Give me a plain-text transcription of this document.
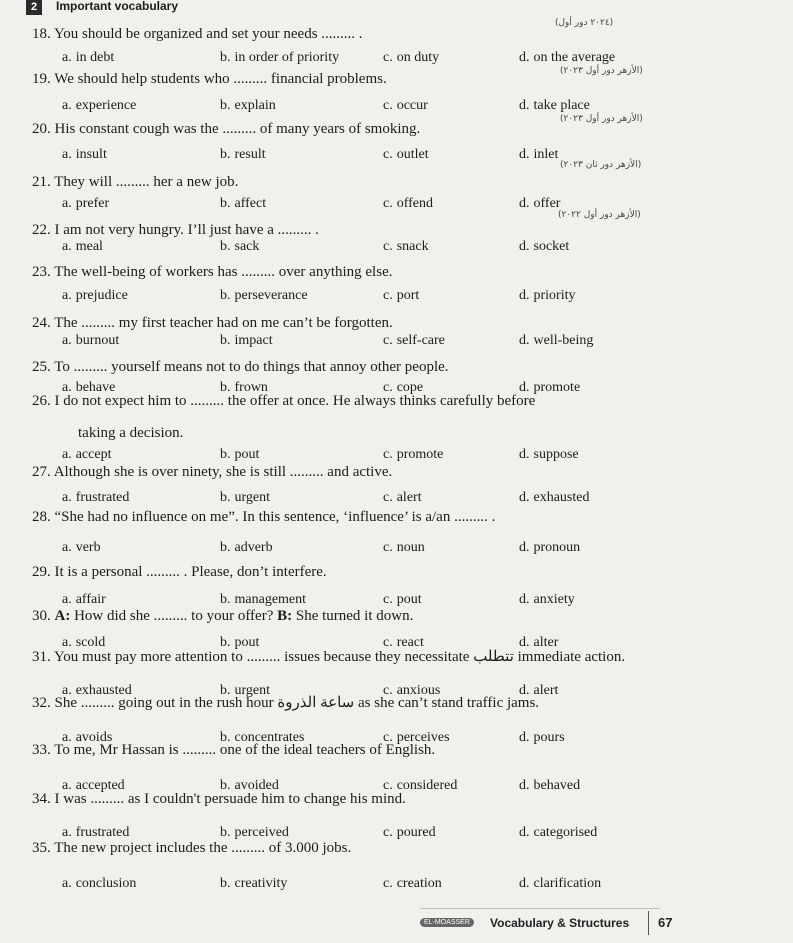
2	Important vocabulary
18. You should be organized and set your needs ......... .
(٢٠٢٤ دور أول)
a. in debt	b. in order of priority	c. on duty	d. on the average
19. We should help students who ......... financial problems.	(الأزهر دور أول ٢٠٢٣)
a. experience	b. explain	c. occur	d. take place
20. His constant cough was the ......... of many years of smoking.
(الأزهر دور أول ٢٠٢٣)
a. insult	b. result	c. outlet	d. inlet
21. They will ......... her a new job.
(الأزهر دور ثان ٢٠٢٣)
a. prefer	b. affect	c. offend	d. offer
22. I am not very hungry. I’ll just have a ......... .
(الأزهر دور أول ٢٠٢٢)
a. meal	b. sack	c. snack	d. socket
23. The well-being of workers has ......... over anything else.
a. prejudice	b. perseverance	c. port	d. priority
24. The ......... my first teacher had on me can’t be forgotten.
a. burnout	b. impact	c. self-care	d. well-being
25. To ......... yourself means not to do things that annoy other people.
a. behave	b. frown	c. cope	d. promote
26. I do not expect him to ......... the offer at once. He always thinks carefully before
taking a decision.
a. accept	b. pout	c. promote	d. suppose
27. Although she is over ninety, she is still ......... and active.
a. frustrated	b. urgent	c. alert	d. exhausted
28. “She had no influence on me”. In this sentence, ‘influence’ is a/an ......... .
a. verb	b. adverb	c. noun	d. pronoun
29. It is a personal ......... . Please, don’t interfere.
a. affair	b. management	c. pout	d. anxiety
30. A: How did she ......... to your offer? B: She turned it down.
a. scold	b. pout	c. react	d. alter
31. You must pay more attention to ......... issues because they necessitate تتطلب immediate action.
a. exhausted	b. urgent	c. anxious	d. alert
32. She ......... going out in the rush hour ساعة الذروة as she can’t stand traffic jams.
a. avoids	b. concentrates	c. perceives	d. pours
33. To me, Mr Hassan is ......... one of the ideal teachers of English.
a. accepted	b. avoided	c. considered	d. behaved
34. I was ......... as I couldn't persuade him to change his mind.
a. frustrated	b. perceived	c. poured	d. categorised
35. The new project includes the ......... of 3.000 jobs.
a. conclusion	b. creativity	c. creation	d. clarification
EL-MOASSER	Vocabulary & Structures 67
